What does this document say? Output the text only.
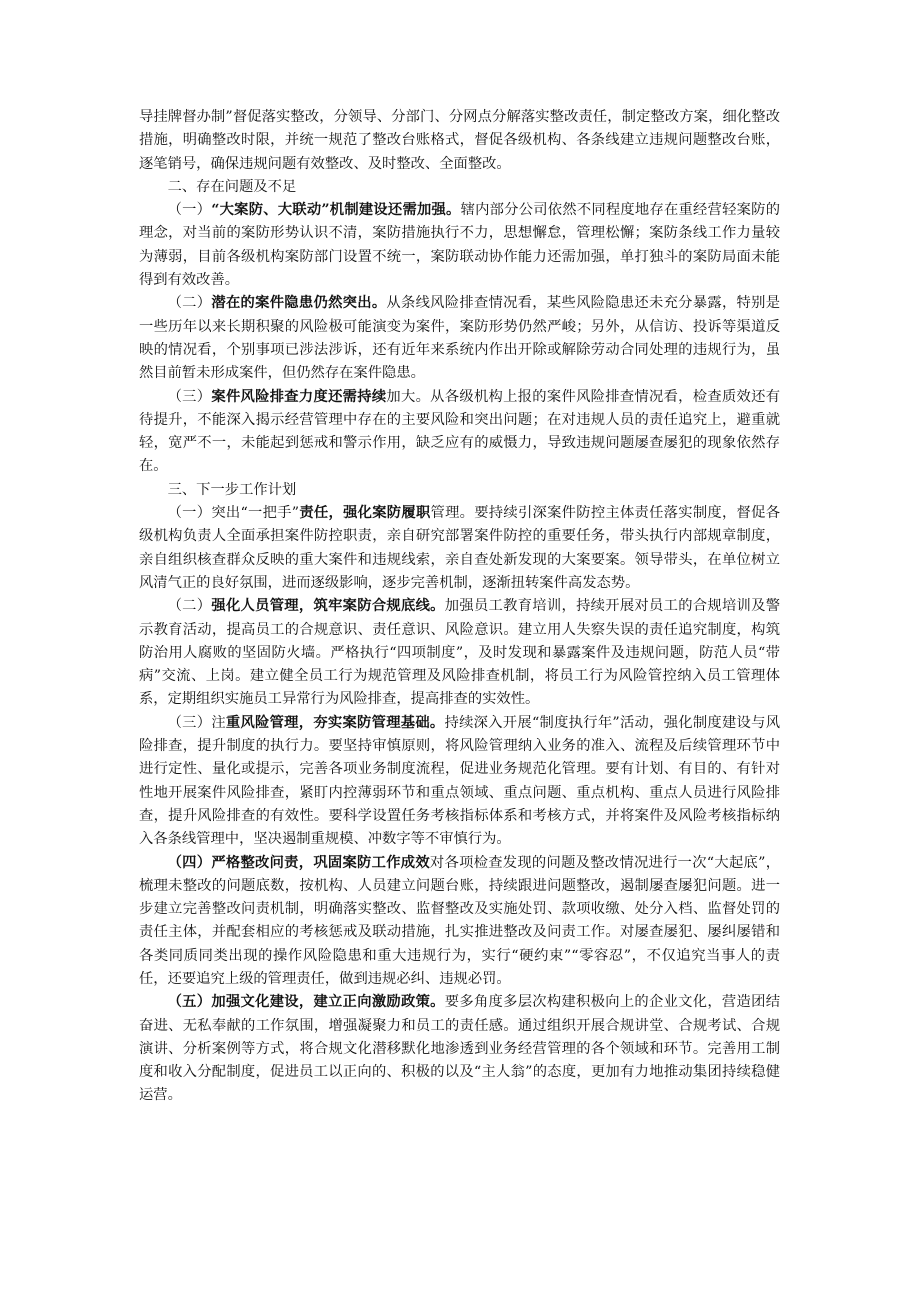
导挂牌督办制”督促落实整改，分领导、分部门、分网点分解落实整改责任，制定整改方案，细化整改措施，明确整改时限，并统一规范了整改台账格式，督促各级机构、各条线建立违规问题整改台账，逐笔销号，确保违规问题有效整改、及时整改、全面整改。

二、存在问题及不足

（一）“大案防、大联动”机制建设还需加强。辖内部分公司依然不同程度地存在重经营轻案防的理念，对当前的案防形势认识不清，案防措施执行不力，思想懈怠，管理松懈；案防条线工作力量较为薄弱，目前各级机构案防部门设置不统一，案防联动协作能力还需加强，单打独斗的案防局面未能得到有效改善。

（二）潜在的案件隐患仍然突出。从条线风险排查情况看，某些风险隐患还未充分暴露，特别是一些历年以来长期积聚的风险极可能演变为案件，案防形势仍然严峻；另外，从信访、投诉等渠道反映的情况看，个别事项已涉法涉诉，还有近年来系统内作出开除或解除劳动合同处理的违规行为，虽然目前暂未形成案件，但仍然存在案件隐患。

（三）案件风险排查力度还需持续加大。从各级机构上报的案件风险排查情况看，检查质效还有待提升，不能深入揭示经营管理中存在的主要风险和突出问题；在对违规人员的责任追究上，避重就轻，宽严不一，未能起到惩戒和警示作用，缺乏应有的威慑力，导致违规问题屡查屡犯的现象依然存在。

三、下一步工作计划

（一）突出“一把手”责任，强化案防履职管理。要持续引深案件防控主体责任落实制度，督促各级机构负责人全面承担案件防控职责，亲自研究部署案件防控的重要任务，带头执行内部规章制度，亲自组织核查群众反映的重大案件和违规线索，亲自查处新发现的大案要案。领导带头，在单位树立风清气正的良好氛围，进而逐级影响，逐步完善机制，逐渐扭转案件高发态势。

（二）强化人员管理，筑牢案防合规底线。加强员工教育培训，持续开展对员工的合规培训及警示教育活动，提高员工的合规意识、责任意识、风险意识。建立用人失察失误的责任追究制度，构筑防治用人腐败的坚固防火墙。严格执行“四项制度”，及时发现和暴露案件及违规问题，防范人员“带病”交流、上岗。建立健全员工行为规范管理及风险排查机制，将员工行为风险管控纳入员工管理体系，定期组织实施员工异常行为风险排查，提高排查的实效性。

（三）注重风险管理，夯实案防管理基础。持续深入开展“制度执行年”活动，强化制度建设与风险排查，提升制度的执行力。要坚持审慎原则，将风险管理纳入业务的准入、流程及后续管理环节中进行定性、量化或提示，完善各项业务制度流程，促进业务规范化管理。要有计划、有目的、有针对性地开展案件风险排查，紧盯内控薄弱环节和重点领域、重点问题、重点机构、重点人员进行风险排查，提升风险排查的有效性。要科学设置任务考核指标体系和考核方式，并将案件及风险考核指标纳入各条线管理中，坚决遏制重规模、冲数字等不审慎行为。

（四）严格整改问责，巩固案防工作成效对各项检查发现的问题及整改情况进行一次“大起底”，梳理未整改的问题底数，按机构、人员建立问题台账，持续跟进问题整改，遏制屡查屡犯问题。进一步建立完善整改问责机制，明确落实整改、监督整改及实施处罚、款项收缴、处分入档、监督处罚的责任主体，并配套相应的考核惩戒及联动措施，扎实推进整改及问责工作。对屡查屡犯、屡纠屡错和各类同质同类出现的操作风险隐患和重大违规行为，实行“硬约束”“零容忍”，不仅追究当事人的责任，还要追究上级的管理责任，做到违规必纠、违规必罚。

（五）加强文化建设，建立正向激励政策。要多角度多层次构建积极向上的企业文化，营造团结奋进、无私奉献的工作氛围，增强凝聚力和员工的责任感。通过组织开展合规讲堂、合规考试、合规演讲、分析案例等方式，将合规文化潜移默化地渗透到业务经营管理的各个领域和环节。完善用工制度和收入分配制度，促进员工以正向的、积极的以及“主人翁”的态度，更加有力地推动集团持续稳健运营。
